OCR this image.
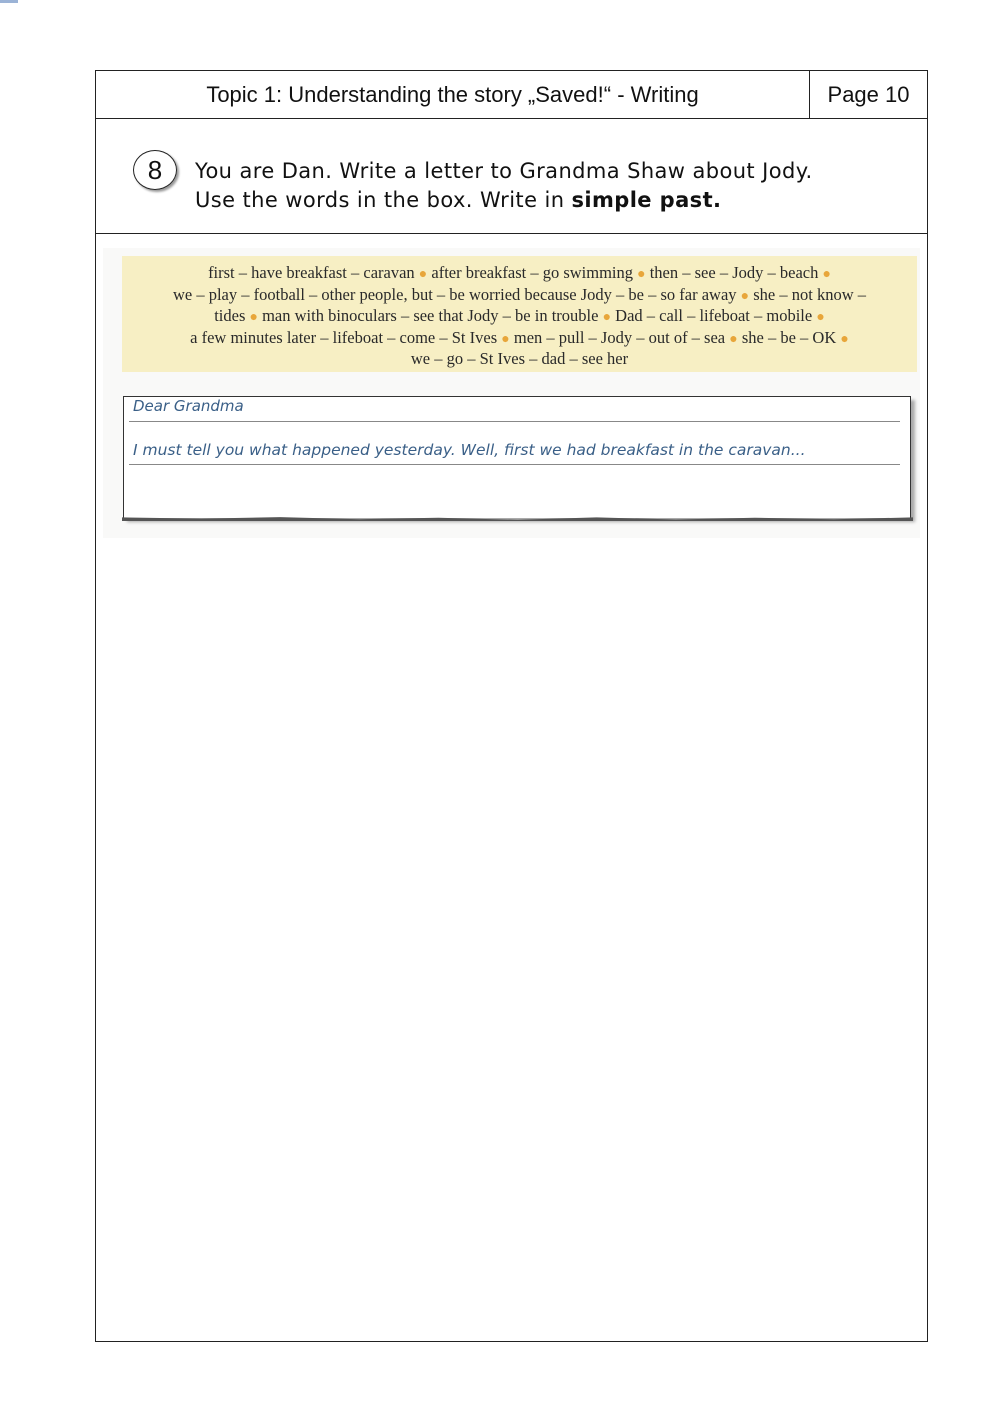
Topic 1: Understanding the story „Saved!“ - Writing	Page 10
8	You are Dan. Write a letter to Grandma Shaw about Jody.
Use the words in the box. Write in simple past.
first – have breakfast – caravan ● after breakfast – go swimming ● then – see – Jody – beach ●
we – play – football – other people, but – be worried because Jody – be – so far away ● she – not know –
tides ● man with binoculars – see that Jody – be in trouble ● Dad – call – lifeboat – mobile ●
a few minutes later – lifeboat – come – St Ives ● men – pull – Jody – out of – sea ● she – be – OK ●
we – go – St Ives – dad – see her
Dear Grandma
I must tell you what happened yesterday. Well, first we had breakfast in the caravan...
